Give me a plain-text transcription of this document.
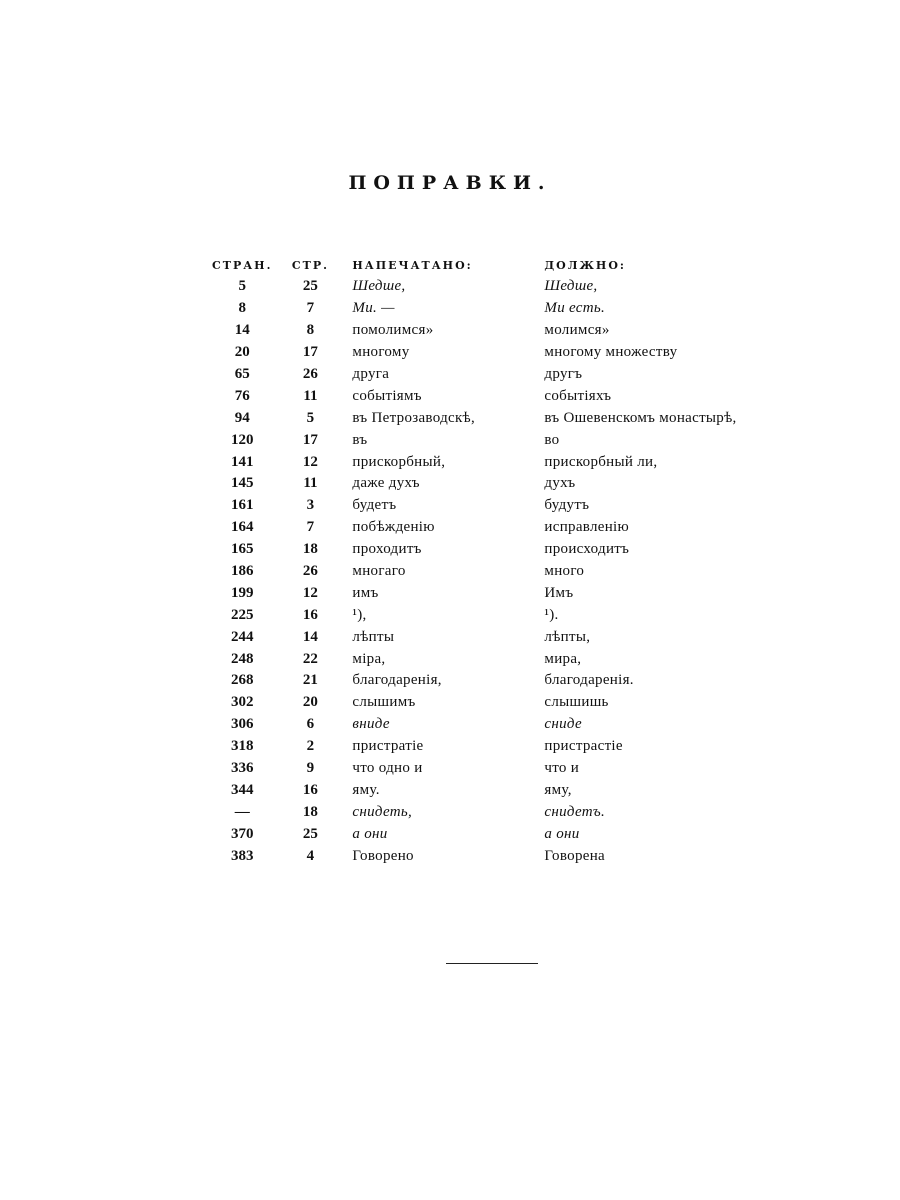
ПОПРАВКИ.
СТРАН.	СТР.	НАПЕЧАТАНО:	ДОЛЖНО:
5	25	Шедше,	Шедше,
8	7	Ми. —	Ми есть.
14	8	помолимся»	молимся»
20	17	многому	многому множеству
65	26	друга	другъ
76	11	событіямъ	событіяхъ
94	5	въ Петрозаводскѣ,	въ Ошевенскомъ монастырѣ,
120	17	въ	во
141	12	прискорбный,	прискорбный ли,
145	11	даже духъ	духъ
161	3	будетъ	будутъ
164	7	побѣжденію	исправленію
165	18	проходитъ	происходитъ
186	26	многаго	много
199	12	имъ	Имъ
225	16	¹),	¹).
244	14	лѣпты	лѣпты,
248	22	міра,	мира,
268	21	благодаренія,	благодаренія.
302	20	слышимъ	слышишь
306	6	вниде	сниде
318	2	пристратіе	пристрастіе
336	9	что одно и	что и
344	16	яму.	яму,
—	18	снидеть,	снидетъ.
370	25	а они	а они
383	4	Говорено	Говорена
